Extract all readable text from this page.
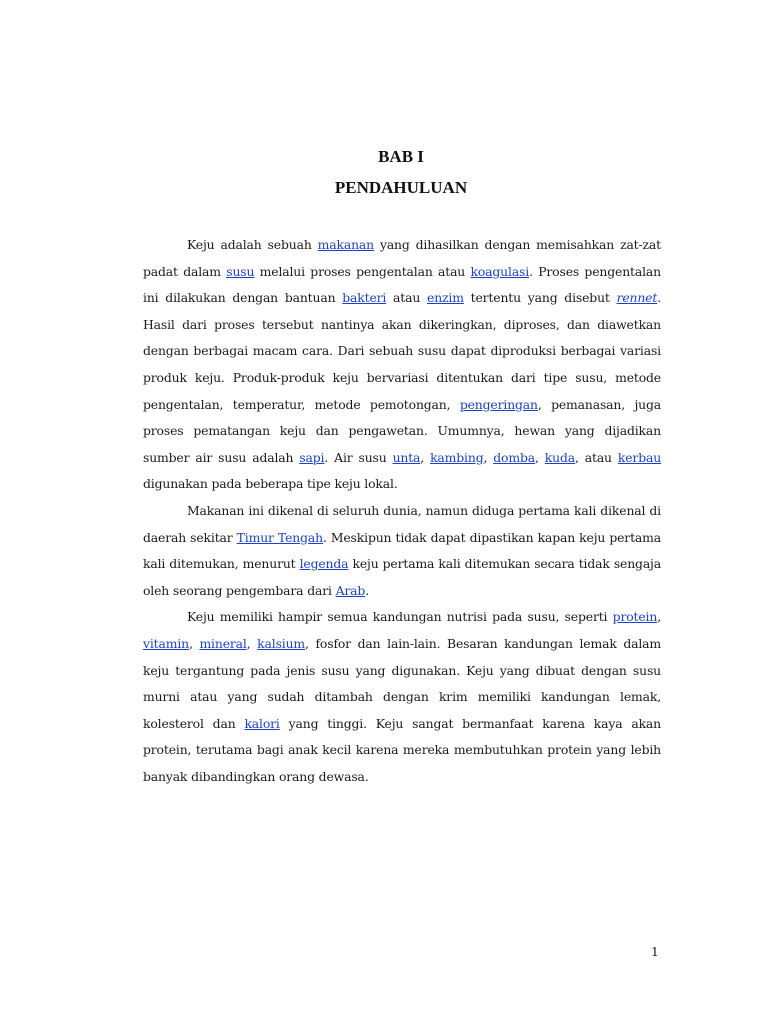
BAB I
PENDAHULUAN

Keju adalah sebuah makanan yang dihasilkan dengan memisahkan zat-zat padat dalam susu melalui proses pengentalan atau koagulasi. Proses pengentalan ini dilakukan dengan bantuan bakteri atau enzim tertentu yang disebut rennet. Hasil dari proses tersebut nantinya akan dikeringkan, diproses, dan diawetkan dengan berbagai macam cara. Dari sebuah susu dapat diproduksi berbagai variasi produk keju. Produk-produk keju bervariasi ditentukan dari tipe susu, metode pengentalan, temperatur, metode pemotongan, pengeringan, pemanasan, juga proses pematangan keju dan pengawetan. Umumnya, hewan yang dijadikan sumber air susu adalah sapi. Air susu unta, kambing, domba, kuda, atau kerbau digunakan pada beberapa tipe keju lokal.

Makanan ini dikenal di seluruh dunia, namun diduga pertama kali dikenal di daerah sekitar Timur Tengah. Meskipun tidak dapat dipastikan kapan keju pertama kali ditemukan, menurut legenda keju pertama kali ditemukan secara tidak sengaja oleh seorang pengembara dari Arab.

Keju memiliki hampir semua kandungan nutrisi pada susu, seperti protein, vitamin, mineral, kalsium, fosfor dan lain-lain. Besaran kandungan lemak dalam keju tergantung pada jenis susu yang digunakan. Keju yang dibuat dengan susu murni atau yang sudah ditambah dengan krim memiliki kandungan lemak, kolesterol dan kalori yang tinggi. Keju sangat bermanfaat karena kaya akan protein, terutama bagi anak kecil karena mereka membutuhkan protein yang lebih banyak dibandingkan orang dewasa.

1
